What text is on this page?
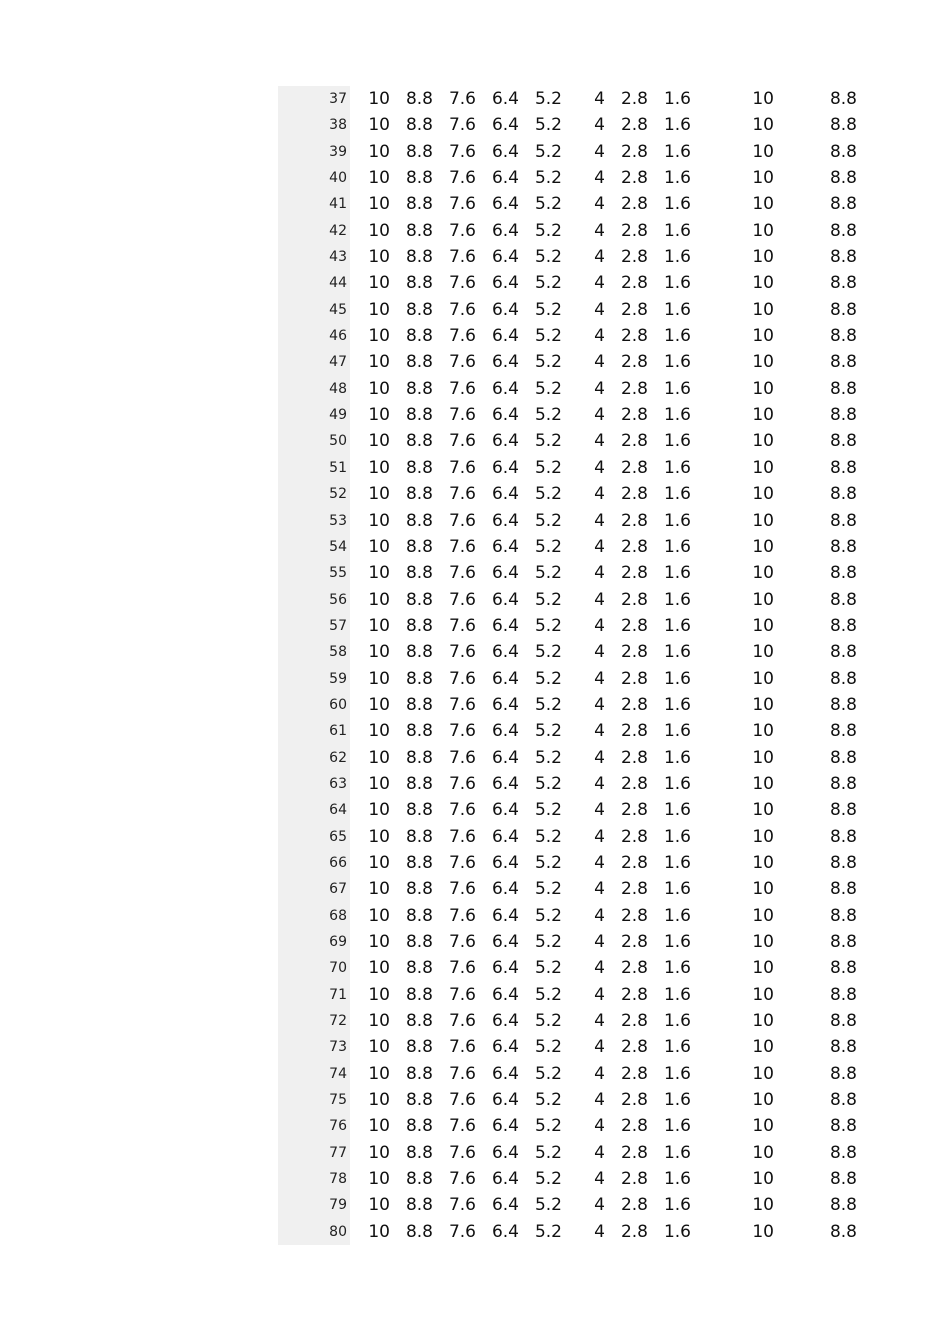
37	10 8.8 7.6 6.4 5.2	4 2.8 1.6	10	8.8
38	10 8.8 7.6 6.4 5.2	4 2.8 1.6	10	8.8
39	10 8.8 7.6 6.4 5.2	4 2.8 1.6	10	8.8
40	10 8.8 7.6 6.4 5.2	4 2.8 1.6	10	8.8
41	10 8.8 7.6 6.4 5.2	4 2.8 1.6	10	8.8
42	10 8.8 7.6 6.4 5.2	4 2.8 1.6	10	8.8
43	10 8.8 7.6 6.4 5.2	4 2.8 1.6	10	8.8
44	10 8.8 7.6 6.4 5.2	4 2.8 1.6	10	8.8
45	10 8.8 7.6 6.4 5.2	4 2.8 1.6	10	8.8
46	10 8.8 7.6 6.4 5.2	4 2.8 1.6	10	8.8
47	10 8.8 7.6 6.4 5.2	4 2.8 1.6	10	8.8
48	10 8.8 7.6 6.4 5.2	4 2.8 1.6	10	8.8
49	10 8.8 7.6 6.4 5.2	4 2.8 1.6	10	8.8
50	10 8.8 7.6 6.4 5.2	4 2.8 1.6	10	8.8
51	10 8.8 7.6 6.4 5.2	4 2.8 1.6	10	8.8
52	10 8.8 7.6 6.4 5.2	4 2.8 1.6	10	8.8
53	10 8.8 7.6 6.4 5.2	4 2.8 1.6	10	8.8
54	10 8.8 7.6 6.4 5.2	4 2.8 1.6	10	8.8
55	10 8.8 7.6 6.4 5.2	4 2.8 1.6	10	8.8
56	10 8.8 7.6 6.4 5.2	4 2.8 1.6	10	8.8
57	10 8.8 7.6 6.4 5.2	4 2.8 1.6	10	8.8
58	10 8.8 7.6 6.4 5.2	4 2.8 1.6	10	8.8
59	10 8.8 7.6 6.4 5.2	4 2.8 1.6	10	8.8
60	10 8.8 7.6 6.4 5.2	4 2.8 1.6	10	8.8
61	10 8.8 7.6 6.4 5.2	4 2.8 1.6	10	8.8
62	10 8.8 7.6 6.4 5.2	4 2.8 1.6	10	8.8
63	10 8.8 7.6 6.4 5.2	4 2.8 1.6	10	8.8
64	10 8.8 7.6 6.4 5.2	4 2.8 1.6	10	8.8
65	10 8.8 7.6 6.4 5.2	4 2.8 1.6	10	8.8
66	10 8.8 7.6 6.4 5.2	4 2.8 1.6	10	8.8
67	10 8.8 7.6 6.4 5.2	4 2.8 1.6	10	8.8
68	10 8.8 7.6 6.4 5.2	4 2.8 1.6	10	8.8
69	10 8.8 7.6 6.4 5.2	4 2.8 1.6	10	8.8
70	10 8.8 7.6 6.4 5.2	4 2.8 1.6	10	8.8
71	10 8.8 7.6 6.4 5.2	4 2.8 1.6	10	8.8
72	10 8.8 7.6 6.4 5.2	4 2.8 1.6	10	8.8
73	10 8.8 7.6 6.4 5.2	4 2.8 1.6	10	8.8
74	10 8.8 7.6 6.4 5.2	4 2.8 1.6	10	8.8
75	10 8.8 7.6 6.4 5.2	4 2.8 1.6	10	8.8
76	10 8.8 7.6 6.4 5.2	4 2.8 1.6	10	8.8
77	10 8.8 7.6 6.4 5.2	4 2.8 1.6	10	8.8
78	10 8.8 7.6 6.4 5.2	4 2.8 1.6	10	8.8
79	10 8.8 7.6 6.4 5.2	4 2.8 1.6	10	8.8
80	10 8.8 7.6 6.4 5.2	4 2.8 1.6	10	8.8
